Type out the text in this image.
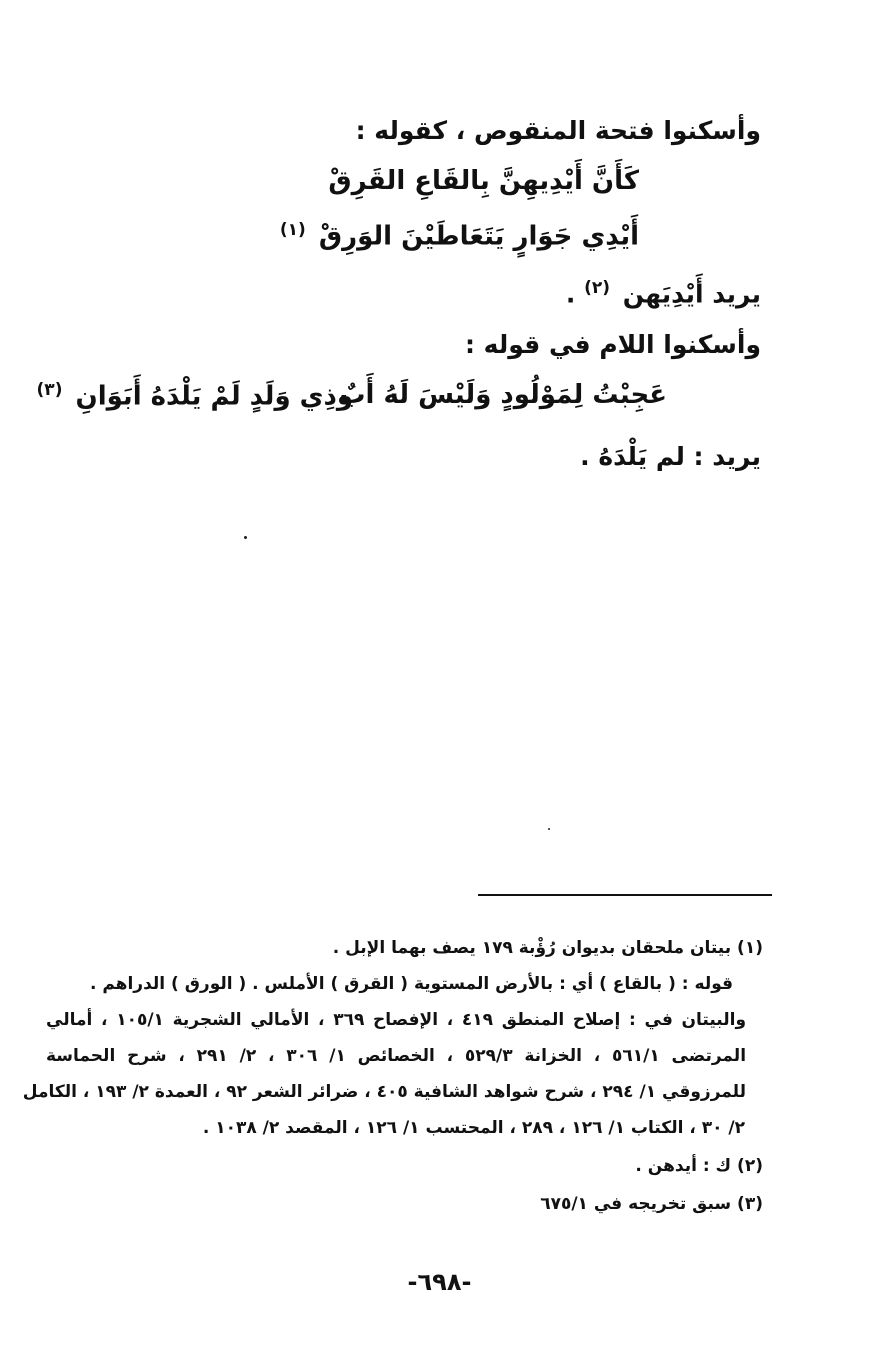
وأسكنوا فتحة المنقوص ، كقوله :
كَأَنَّ أَيْدِيهِنَّ بِالقَاعِ القَرِقْ
أَيْدِي جَوَارٍ يَتَعَاطَيْنَ الوَرِقْ $^{(١)}$
يريد أَيْدِيَهن $^{(٢)}$ .
وأسكنوا اللام في قوله :
عَجِبْتُ لِمَوْلُودٍ وَلَيْسَ لَهُ أَبٌ
وذِي وَلَدٍ لَمْ يَلْدَهُ أَبَوَانِ $^{(٣)}$
يريد : لم يَلْدَهُ .
(١) بيتان ملحقان بديوان رُؤْبة ١٧٩ يصف بهما الإبل .
قوله : ( بالقاع ) أي : بالأرض المستوية ( القرق ) الأملس . ( الورق ) الدراهم .
والبيتان في : إصلاح المنطق ٤١٩ ، الإفصاح ٣٦٩ ، الأمالي الشجرية ١٠٥/١ ، أمالي
المرتضى ٥٦١/١ ، الخزانة ٥٢٩/٣ ، الخصائص ١/ ٣٠٦ ، ٢/ ٢٩١ ، شرح الحماسة
للمرزوقي ١/ ٢٩٤ ، شرح شواهد الشافية ٤٠٥ ، ضرائر الشعر ٩٢ ، العمدة ٢/ ١٩٣ ، الكامل
٢/ ٣٠ ، الكتاب ١/ ١٢٦ ، ٢٨٩ ، المحتسب ١/ ١٢٦ ، المقصد ٢/ ١٠٣٨ .
(٢) ك : أيدهن .
(٣) سبق تخريجه في ٦٧٥/١
-٦٩٨-
